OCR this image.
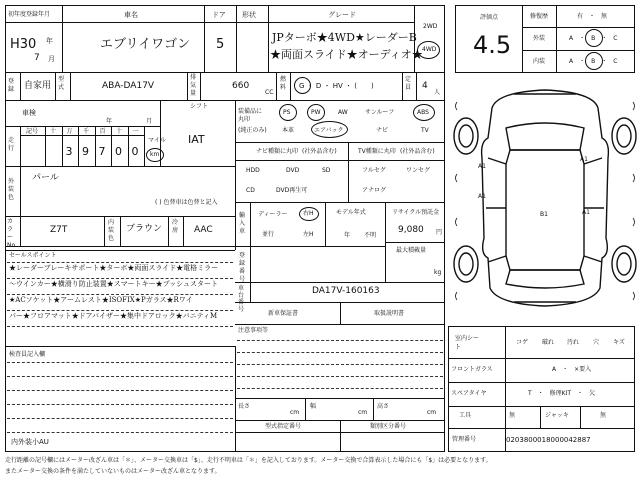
初年度登録年月
H30 年
7 月
車名
エブリイワゴン
ドア
5
形状	グレード
JPターボ★4WD★レーダーB
★両面スライド★オーディオ★
2WD
4WD
登録 自家用
型式	ABA-DA17V
排気量
660
CC
燃料 G ・ D ・ HV ・ (　　)
定員 4
人
車検
年	月
シフト
IAT
走行
記号 十 万
3
千
9
百
7
十
0
一
0
マイル
km
装備品に丸印
(純正のみ)
PS	PW	AW	サンルーフ	ABS
本革	エアバック	ナビ	TV
ナビ種類に丸印 (社外品含む)	TV種類に丸印 (社外品含む)
HDD	DVD	SD
CD	DVD再生可
フルセグ	ワンセグ
アナログ
外装色
パール
( ) 色替車は色替と記入
カラーNo.
Z7T
内装色
ブラウン
冷房 AAC
輸入車
ディーラー
並行
右H
左H
モデル年式
年 不明
リサイクル預託金
9,080 円
最大積載量
kg
登録番号
車台番号
DA17V-160163
新車保証書	取扱説明書
注意事項等
セールスポイント
★レーダーブレーキサポート★ターボ★両面スライド★電格ミラー
～ウインカー★横滑り防止装置★スマートキー★プッシュスタート
★ACソケット★アームレスト★ISOFIX★Pガラス★Rワイ
パー★フロアマット★ドアバイザー★集中ドアロック★バニティM
検査員記入欄
内外装小AU
長さ
cm
幅
cm
高さ
cm
型式指定番号	類別区分番号
評価点
4.5
修復歴	有　・　無
外装	A　・　B　・　C
内装	A　・　B　・　C
A1
A1
A1
B1	A1
室内シート
コゲ 破れ 汚れ 穴 キズ
フロントガラス	A　・　×要入
スペアタイヤ	T　・　修理KIT　・　欠
工具	無	ジャッキ	無
管理番号	0203800018000042887
走行距離の記号欄にはメーター改ざん車は「＊」、メーター交換車は「$」、走行不明車は「＊」を記入しております。メーター交換で合算表示した場合にも「$」は必要となります。
またメーター交換の条件を満たしていないものはメーター改ざん車となります。
